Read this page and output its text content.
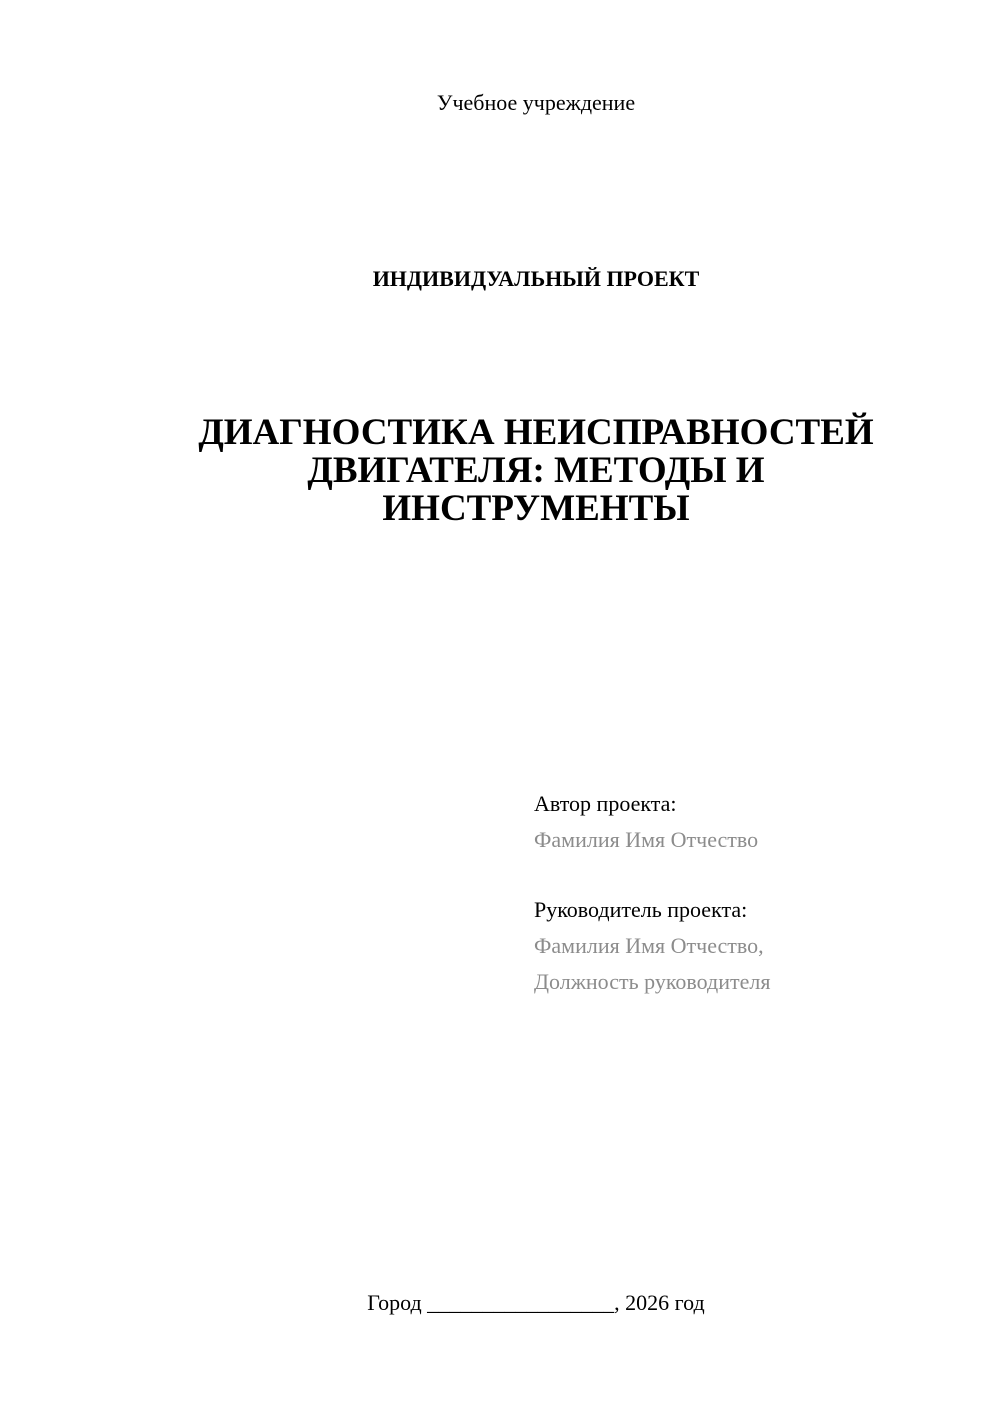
Учебное учреждение
ИНДИВИДУАЛЬНЫЙ ПРОЕКТ
ДИАГНОСТИКА НЕИСПРАВНОСТЕЙ
ДВИГАТЕЛЯ: МЕТОДЫ И
ИНСТРУМЕНТЫ
Автор проекта:
Фамилия Имя Отчество
Руководитель проекта:
Фамилия Имя Отчество,
Должность руководителя
Город _________________, 2026 год
